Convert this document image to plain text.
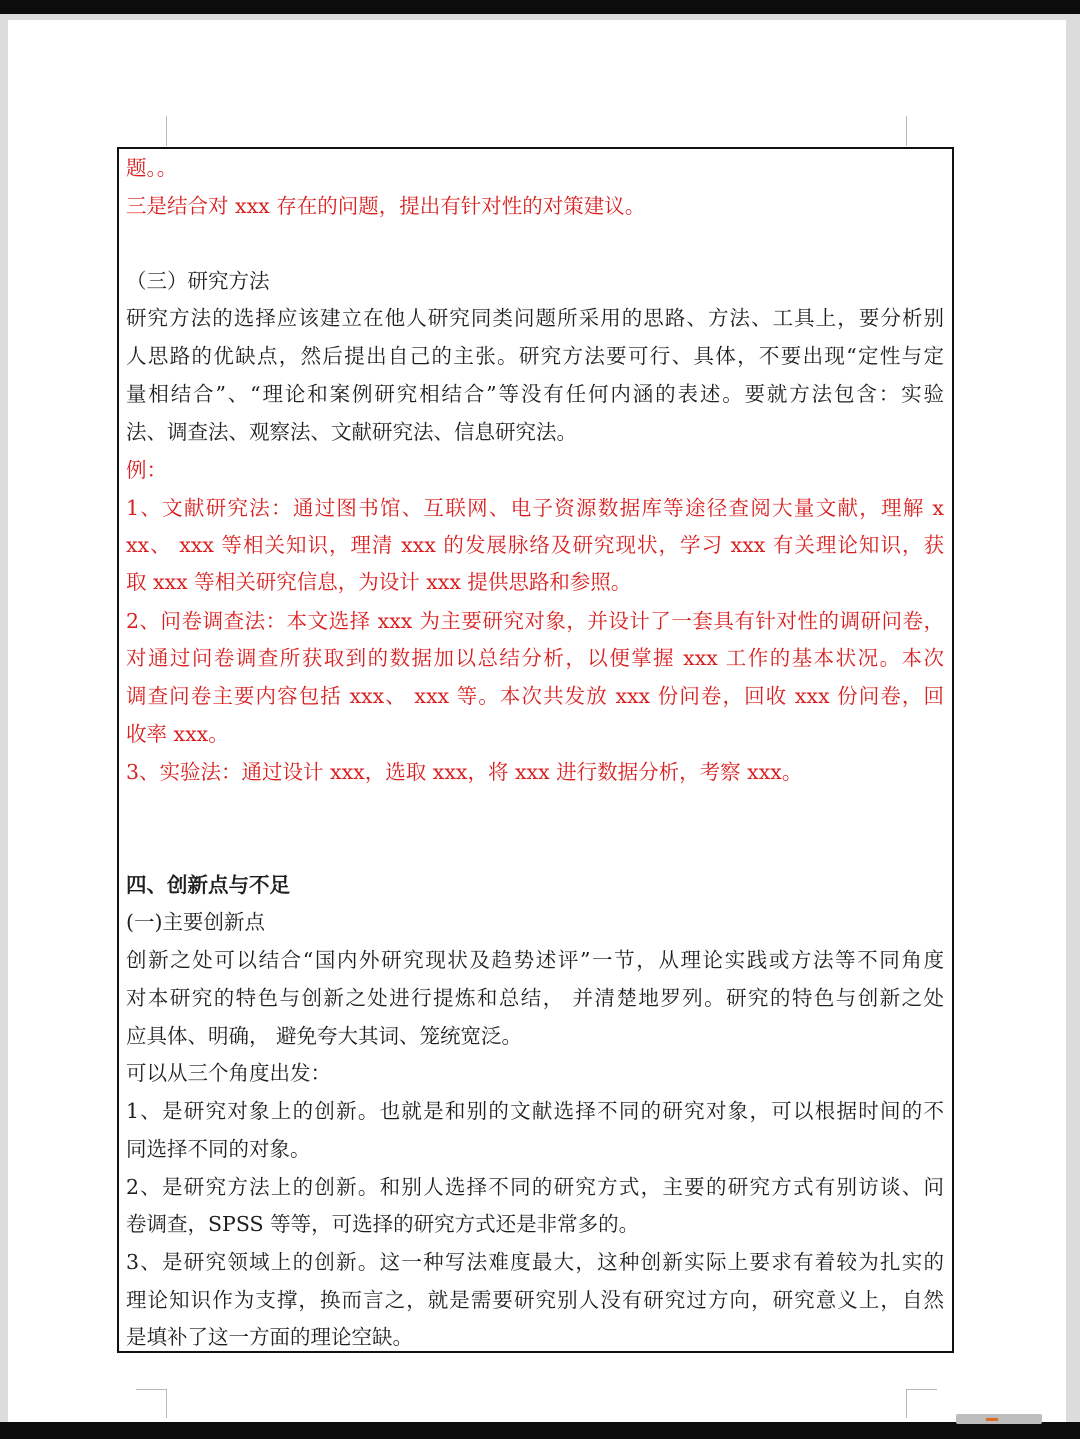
题。。
三是结合对 xxx 存在的问题，提出有针对性的对策建议。
（三）研究方法
研究方法的选择应该建立在他人研究同类问题所采用的思路、方法、工具上，要分析别
人思路的优缺点，然后提出自己的主张。研究方法要可行、具体，不要出现“定性与定
量相结合”、“理论和案例研究相结合”等没有任何内涵的表述。要就方法包含：实验
法、调查法、观察法、文献研究法、信息研究法。
例：
1、文献研究法：通过图书馆、互联网、电子资源数据库等途径查阅大量文献，理解 x
xx、 xxx 等相关知识，理清 xxx 的发展脉络及研究现状，学习 xxx 有关理论知识，获
取 xxx 等相关研究信息，为设计 xxx 提供思路和参照。
2、问卷调查法：本文选择 xxx 为主要研究对象，并设计了一套具有针对性的调研问卷，
对通过问卷调查所获取到的数据加以总结分析，以便掌握 xxx 工作的基本状况。本次
调查问卷主要内容包括 xxx、 xxx 等。本次共发放 xxx 份问卷，回收 xxx 份问卷，回
收率 xxx。
3、实验法：通过设计 xxx，选取 xxx，将 xxx 进行数据分析，考察 xxx。
四、创新点与不足
(一)主要创新点
创新之处可以结合“国内外研究现状及趋势述评”一节，从理论实践或方法等不同角度
对本研究的特色与创新之处进行提炼和总结， 并清楚地罗列。研究的特色与创新之处
应具体、明确， 避免夸大其词、笼统宽泛。
可以从三个角度出发：
1、是研究对象上的创新。也就是和别的文献选择不同的研究对象，可以根据时间的不
同选择不同的对象。
2、是研究方法上的创新。和别人选择不同的研究方式，主要的研究方式有别访谈、问
卷调查，SPSS 等等，可选择的研究方式还是非常多的。
3、是研究领域上的创新。这一种写法难度最大，这种创新实际上要求有着较为扎实的
理论知识作为支撑，换而言之，就是需要研究别人没有研究过方向，研究意义上，自然
是填补了这一方面的理论空缺。
